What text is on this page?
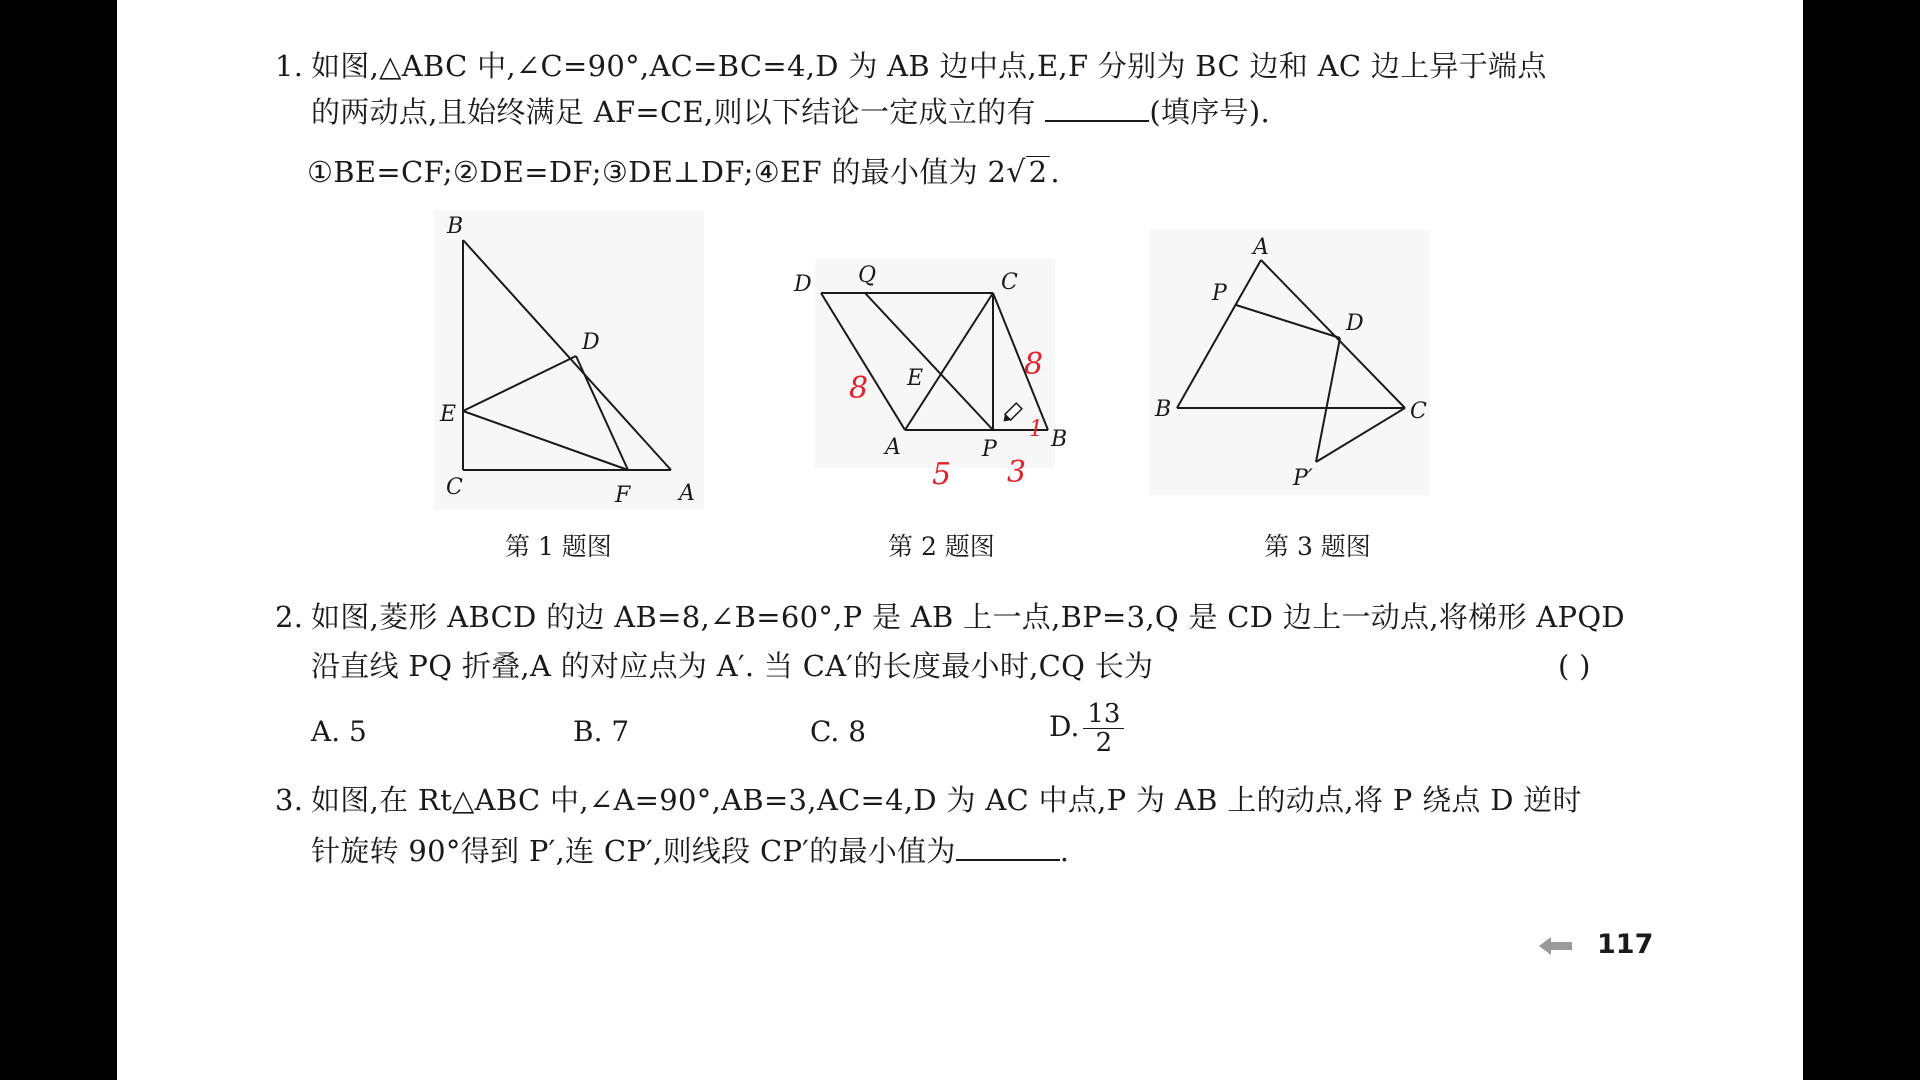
1. 如图,△ABC 中,∠C=90°,AC=BC=4,D 为 AB 边中点,E,F 分别为 BC 边和 AC 边上异于端点
的两动点,且始终满足 AF=CE,则以下结论一定成立的有	(填序号).
①BE=CF;②DE=DF;③DE⊥DF;④EF 的最小值为 2√ 2 .
B
D
E
C	F A
第 1 题图
D Q	C
E
A	P B
8
8
5 3
1
第 2 题图
A
P
D
B	C
P′
第 3 题图
2. 如图,菱形 ABCD 的边 AB=8,∠B=60°,P 是 AB 上一点,BP=3,Q 是 CD 边上一动点,将梯形 APQD
沿直线 PQ 折叠,A 的对应点为 A′. 当 CA′的长度最小时,CQ 长为	( )
A. 5	B. 7	C. 8	D. $\frac{13}{2}$
3. 如图,在 Rt△ABC 中,∠A=90°,AB=3,AC=4,D 为 AC 中点,P 为 AB 上的动点,将 P 绕点 D 逆时
针旋转 90°得到 P′,连 CP′,则线段 CP′的最小值为	.
117
